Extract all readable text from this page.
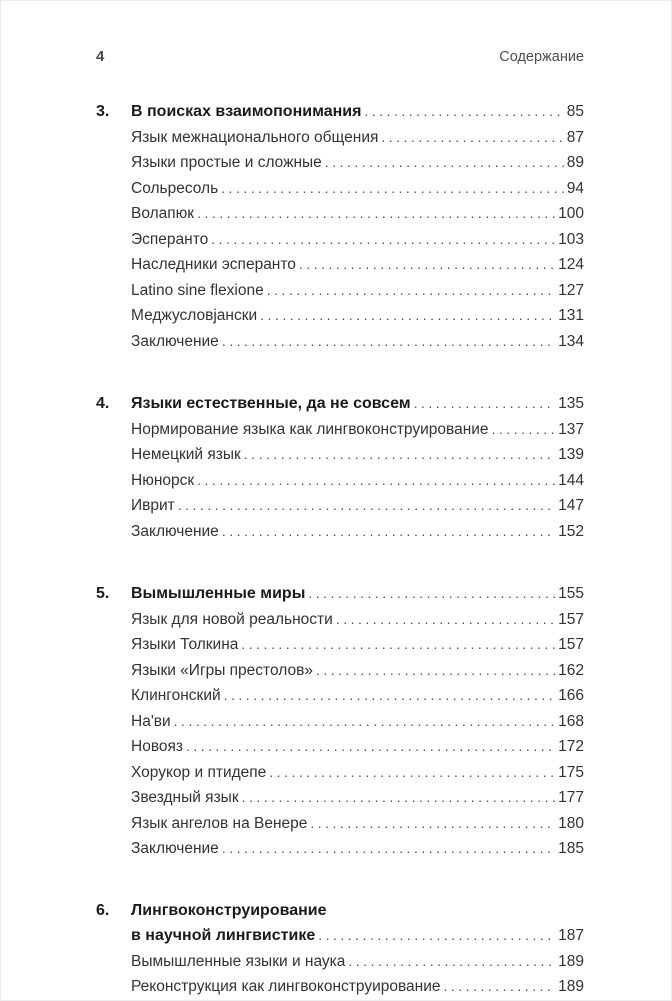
4	Содержание
3.	В поисках взаимопонимания .....	85
Язык межнационального общения .....	87
Языки простые и сложные .....	89
Сольресоль .....	94
Волапюк .....	100
Эсперанто .....	103
Наследники эсперанто .....	124
Latino sine flexione .....	127
Меджусловјански .....	131
Заключение .....	134
4.	Языки естественные, да не совсем .....	135
Нормирование языка как лингвоконструирование .....	137
Немецкий язык .....	139
Нюнорск .....	144
Иврит .....	147
Заключение .....	152
5.	Вымышленные миры .....	155
Язык для новой реальности .....	157
Языки Толкина .....	157
Языки «Игры престолов» .....	162
Клингонский .....	166
На'ви .....	168
Новояз .....	172
Хорукор и птидепе .....	175
Звездный язык .....	177
Язык ангелов на Венере .....	180
Заключение .....	185
6.	Лингвоконструирование
в научной лингвистике .....	187
Вымышленные языки и наука .....	189
Реконструкция как лингвоконструирование .....	189
